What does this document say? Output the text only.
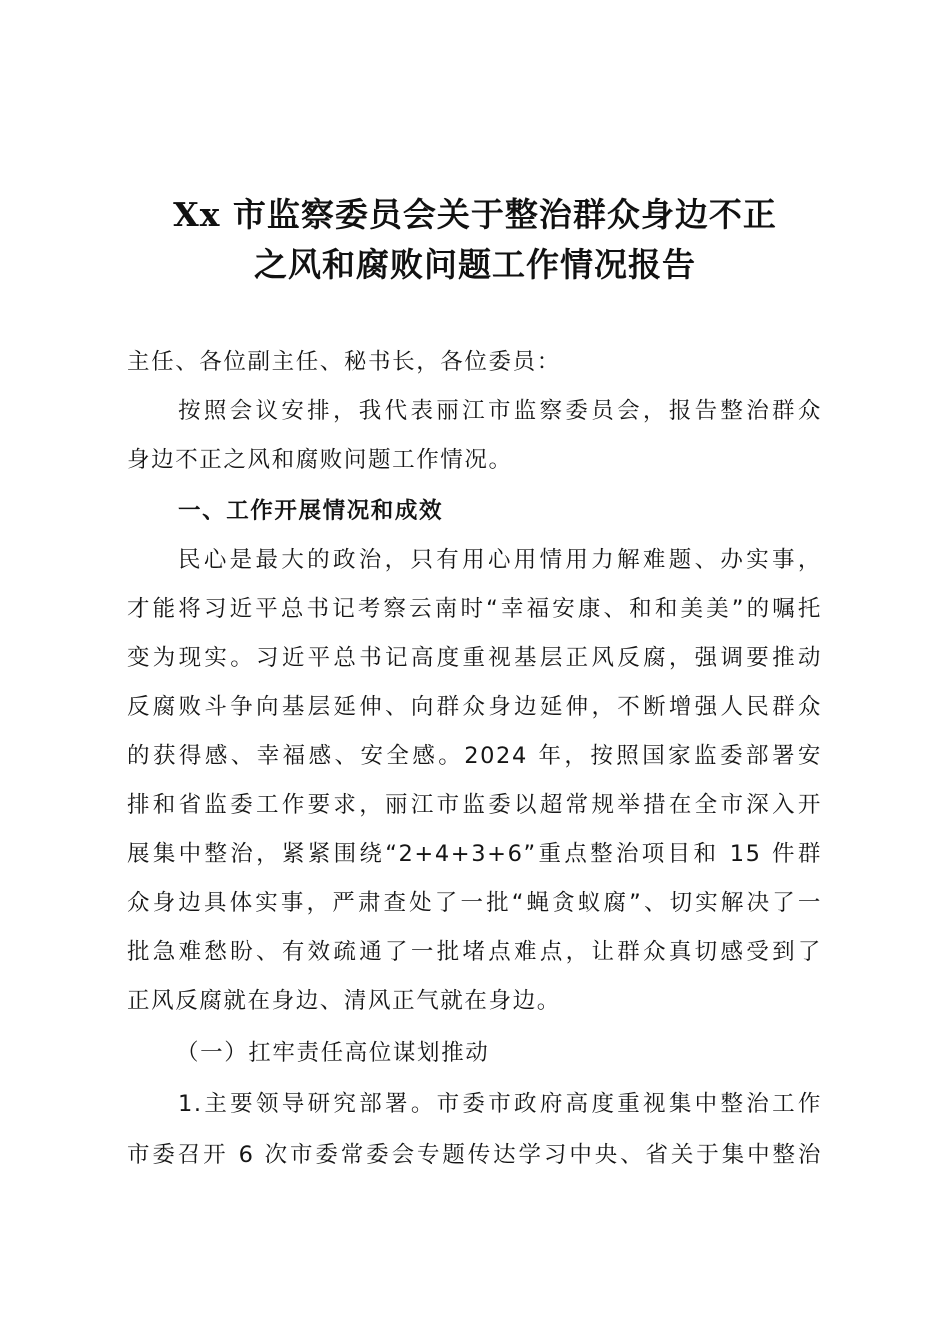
Xx 市监察委员会关于整治群众身边不正
之风和腐败问题工作情况报告
主任、各位副主任、秘书长，各位委员：
按照会议安排，我代表丽江市监察委员会，报告整治群众
身边不正之风和腐败问题工作情况。
一、工作开展情况和成效
民心是最大的政治，只有用心用情用力解难题、办实事，
才能将习近平总书记考察云南时“幸福安康、和和美美”的嘱托
变为现实。习近平总书记高度重视基层正风反腐，强调要推动
反腐败斗争向基层延伸、向群众身边延伸，不断增强人民群众
的获得感、幸福感、安全感。2024 年，按照国家监委部署安
排和省监委工作要求，丽江市监委以超常规举措在全市深入开
展集中整治，紧紧围绕“2+4+3+6”重点整治项目和 15 件群
众身边具体实事，严肃查处了一批“蝇贪蚁腐”、切实解决了一
批急难愁盼、有效疏通了一批堵点难点，让群众真切感受到了
正风反腐就在身边、清风正气就在身边。
（一）扛牢责任高位谋划推动
1.主要领导研究部署。市委市政府高度重视集中整治工作
市委召开 6 次市委常委会专题传达学习中央、省关于集中整治
